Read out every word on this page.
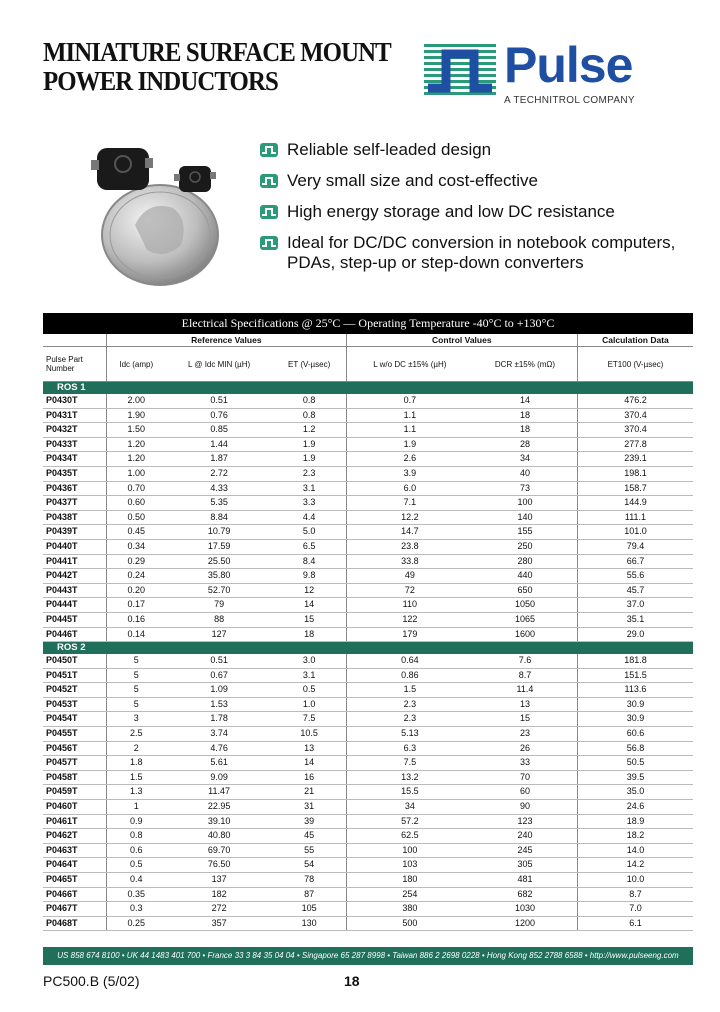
MINIATURE SURFACE MOUNT
POWER INDUCTORS	Pulse
A TECHNITROL COMPANY
Reliable self-leaded design
Very small size and cost-effective
High energy storage and low DC resistance
Ideal for DC/DC conversion in notebook computers, PDAs, step-up or step-down converters
Electrical Specifications @ 25°C — Operating Temperature -40°C to +130°C
	Reference Values			Control Values		Calculation Data
Pulse Part Number	Idc (amp)	L @ Idc MIN (µH)	ET (V-µsec)	L w/o DC ±15% (µH)	DCR ±15% (mΩ)	ET100 (V-µsec)
ROS 1						
P0430T	2.00	0.51	0.8	0.7	14	476.2
P0431T	1.90	0.76	0.8	1.1	18	370.4
P0432T	1.50	0.85	1.2	1.1	18	370.4
P0433T	1.20	1.44	1.9	1.9	28	277.8
P0434T	1.20	1.87	1.9	2.6	34	239.1
P0435T	1.00	2.72	2.3	3.9	40	198.1
P0436T	0.70	4.33	3.1	6.0	73	158.7
P0437T	0.60	5.35	3.3	7.1	100	144.9
P0438T	0.50	8.84	4.4	12.2	140	111.1
P0439T	0.45	10.79	5.0	14.7	155	101.0
P0440T	0.34	17.59	6.5	23.8	250	79.4
P0441T	0.29	25.50	8.4	33.8	280	66.7
P0442T	0.24	35.80	9.8	49	440	55.6
P0443T	0.20	52.70	12	72	650	45.7
P0444T	0.17	79	14	110	1050	37.0
P0445T	0.16	88	15	122	1065	35.1
P0446T	0.14	127	18	179	1600	29.0
ROS 2						
P0450T	5	0.51	3.0	0.64	7.6	181.8
P0451T	5	0.67	3.1	0.86	8.7	151.5
P0452T	5	1.09	0.5	1.5	11.4	113.6
P0453T	5	1.53	1.0	2.3	13	30.9
P0454T	3	1.78	7.5	2.3	15	30.9
P0455T	2.5	3.74	10.5	5.13	23	60.6
P0456T	2	4.76	13	6.3	26	56.8
P0457T	1.8	5.61	14	7.5	33	50.5
P0458T	1.5	9.09	16	13.2	70	39.5
P0459T	1.3	11.47	21	15.5	60	35.0
P0460T	1	22.95	31	34	90	24.6
P0461T	0.9	39.10	39	57.2	123	18.9
P0462T	0.8	40.80	45	62.5	240	18.2
P0463T	0.6	69.70	55	100	245	14.0
P0464T	0.5	76.50	54	103	305	14.2
P0465T	0.4	137	78	180	481	10.0
P0466T	0.35	182	87	254	682	8.7
P0467T	0.3	272	105	380	1030	7.0
P0468T	0.25	357	130	500	1200	6.1
US 858 674 8100 • UK 44 1483 401 700 • France 33 3 84 35 04 04 • Singapore 65 287 8998 • Taiwan 886 2 2698 0228 • Hong Kong 852 2788 6588 • http://www.pulseeng.com
PC500.B (5/02)	18
